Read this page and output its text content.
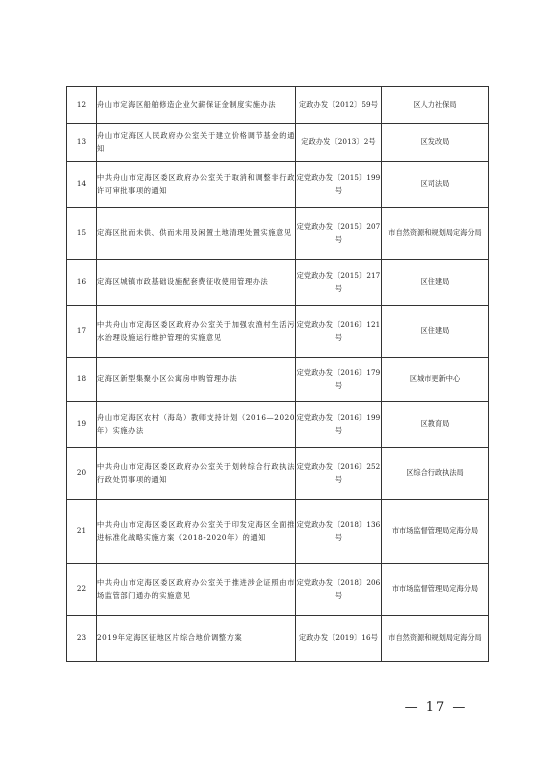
12	舟山市定海区船舶修造企业欠薪保证金制度实施办法	定政办发〔2012〕59号	区人力社保局
13	舟山市定海区人民政府办公室关于建立价格调节基金的通知	定政办发〔2013〕2号	区发改局
14	中共舟山市定海区委区政府办公室关于取消和调整非行政许可审批事项的通知	定党政办发〔2015〕199号	区司法局
15	定海区批而未供、供而未用及闲置土地清理处置实施意见	定党政办发〔2015〕207号	市自然资源和规划局定海分局
16	定海区城镇市政基础设施配套费征收使用管理办法	定党政办发〔2015〕217号	区住建局
17	中共舟山市定海区委区政府办公室关于加强农渔村生活污水治理设施运行维护管理的实施意见	定党政办发〔2016〕121号	区住建局
18	定海区新型集聚小区公寓房申购管理办法	定党政办发〔2016〕179号	区城市更新中心
19	舟山市定海区农村（海岛）教师支持计划（2016—2020年）实施办法	定党政办发〔2016〕199号	区教育局
20	中共舟山市定海区委区政府办公室关于划转综合行政执法行政处罚事项的通知	定党政办发〔2016〕252号	区综合行政执法局
21	中共舟山市定海区委区政府办公室关于印发定海区全面推进标准化战略实施方案（2018-2020年）的通知	定党政办发〔2018〕136号	市市场监督管理局定海分局
22	中共舟山市定海区委区政府办公室关于推进涉企证照由市场监管部门通办的实施意见	定党政办发〔2018〕206号	市市场监督管理局定海分局
23	2019年定海区征地区片综合地价调整方案	定政办发〔2019〕16号	市自然资源和规划局定海分局
— 17 —
